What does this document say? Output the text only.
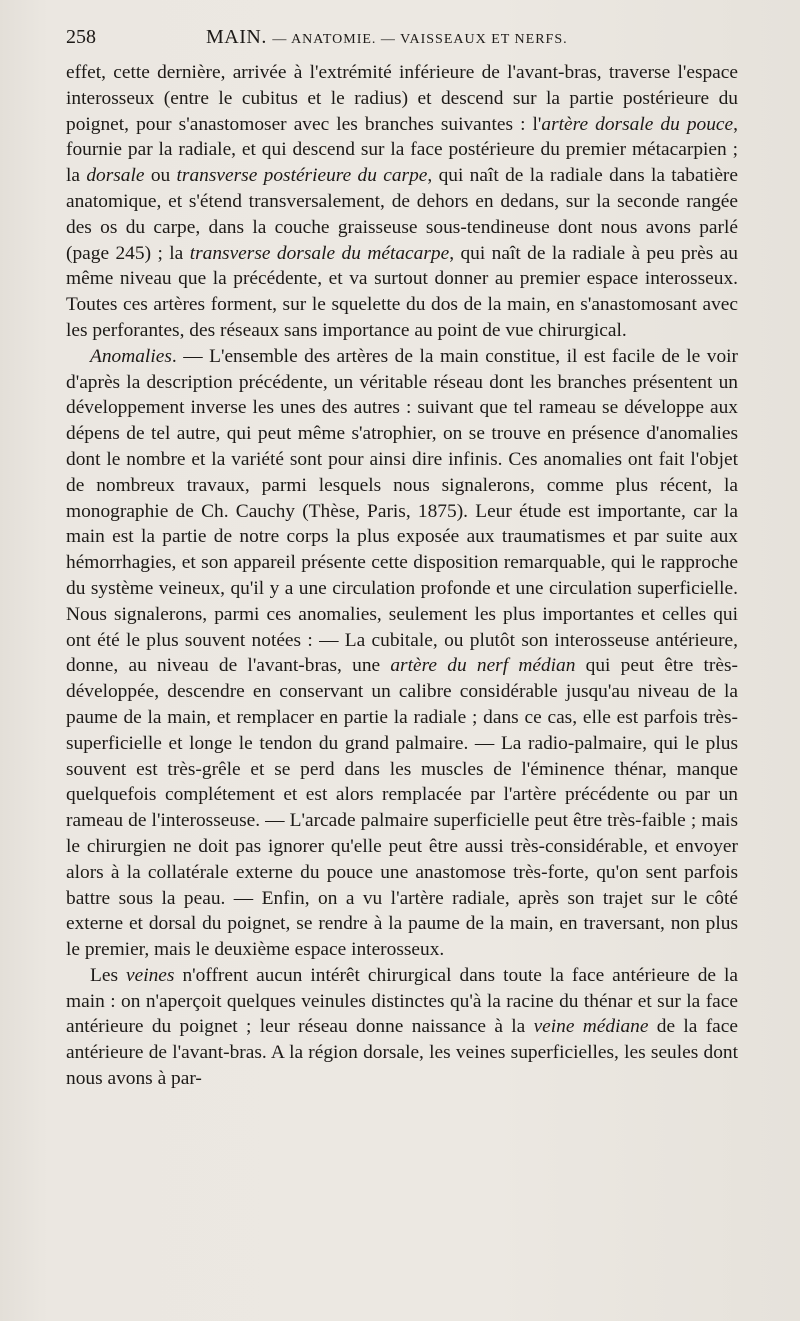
258	MAIN. — ANATOMIE. — VAISSEAUX ET NERFS.

effet, cette dernière, arrivée à l'extrémité inférieure de l'avant-bras, traverse l'espace interosseux (entre le cubitus et le radius) et descend sur la partie postérieure du poignet, pour s'anastomoser avec les branches suivantes : l'artère dorsale du pouce, fournie par la radiale, et qui descend sur la face postérieure du premier métacarpien ; la dorsale ou transverse postérieure du carpe, qui naît de la radiale dans la tabatière anatomique, et s'étend transversalement, de dehors en dedans, sur la seconde rangée des os du carpe, dans la couche graisseuse sous-tendineuse dont nous avons parlé (page 245) ; la transverse dorsale du métacarpe, qui naît de la radiale à peu près au même niveau que la précédente, et va surtout donner au premier espace interosseux. Toutes ces artères forment, sur le squelette du dos de la main, en s'anastomosant avec les perforantes, des réseaux sans importance au point de vue chirurgical.

Anomalies. — L'ensemble des artères de la main constitue, il est facile de le voir d'après la description précédente, un véritable réseau dont les branches présentent un développement inverse les unes des autres : suivant que tel rameau se développe aux dépens de tel autre, qui peut même s'atrophier, on se trouve en présence d'anomalies dont le nombre et la variété sont pour ainsi dire infinis. Ces anomalies ont fait l'objet de nombreux travaux, parmi lesquels nous signalerons, comme plus récent, la monographie de Ch. Cauchy (Thèse, Paris, 1875). Leur étude est importante, car la main est la partie de notre corps la plus exposée aux traumatismes et par suite aux hémorrhagies, et son appareil présente cette disposition remarquable, qui le rapproche du système veineux, qu'il y a une circulation profonde et une circulation superficielle. Nous signalerons, parmi ces anomalies, seulement les plus importantes et celles qui ont été le plus souvent notées : — La cubitale, ou plutôt son interosseuse antérieure, donne, au niveau de l'avant-bras, une artère du nerf médian qui peut être très-développée, descendre en conservant un calibre considérable jusqu'au niveau de la paume de la main, et remplacer en partie la radiale ; dans ce cas, elle est parfois très-superficielle et longe le tendon du grand palmaire. — La radio-palmaire, qui le plus souvent est très-grêle et se perd dans les muscles de l'éminence thénar, manque quelquefois complétement et est alors remplacée par l'artère précédente ou par un rameau de l'interosseuse. — L'arcade palmaire superficielle peut être très-faible ; mais le chirurgien ne doit pas ignorer qu'elle peut être aussi très-considérable, et envoyer alors à la collatérale externe du pouce une anastomose très-forte, qu'on sent parfois battre sous la peau. — Enfin, on a vu l'artère radiale, après son trajet sur le côté externe et dorsal du poignet, se rendre à la paume de la main, en traversant, non plus le premier, mais le deuxième espace interosseux.

Les veines n'offrent aucun intérêt chirurgical dans toute la face antérieure de la main : on n'aperçoit quelques veinules distinctes qu'à la racine du thénar et sur la face antérieure du poignet ; leur réseau donne naissance à la veine médiane de la face antérieure de l'avant-bras. A la région dorsale, les veines superficielles, les seules dont nous avons à par-
